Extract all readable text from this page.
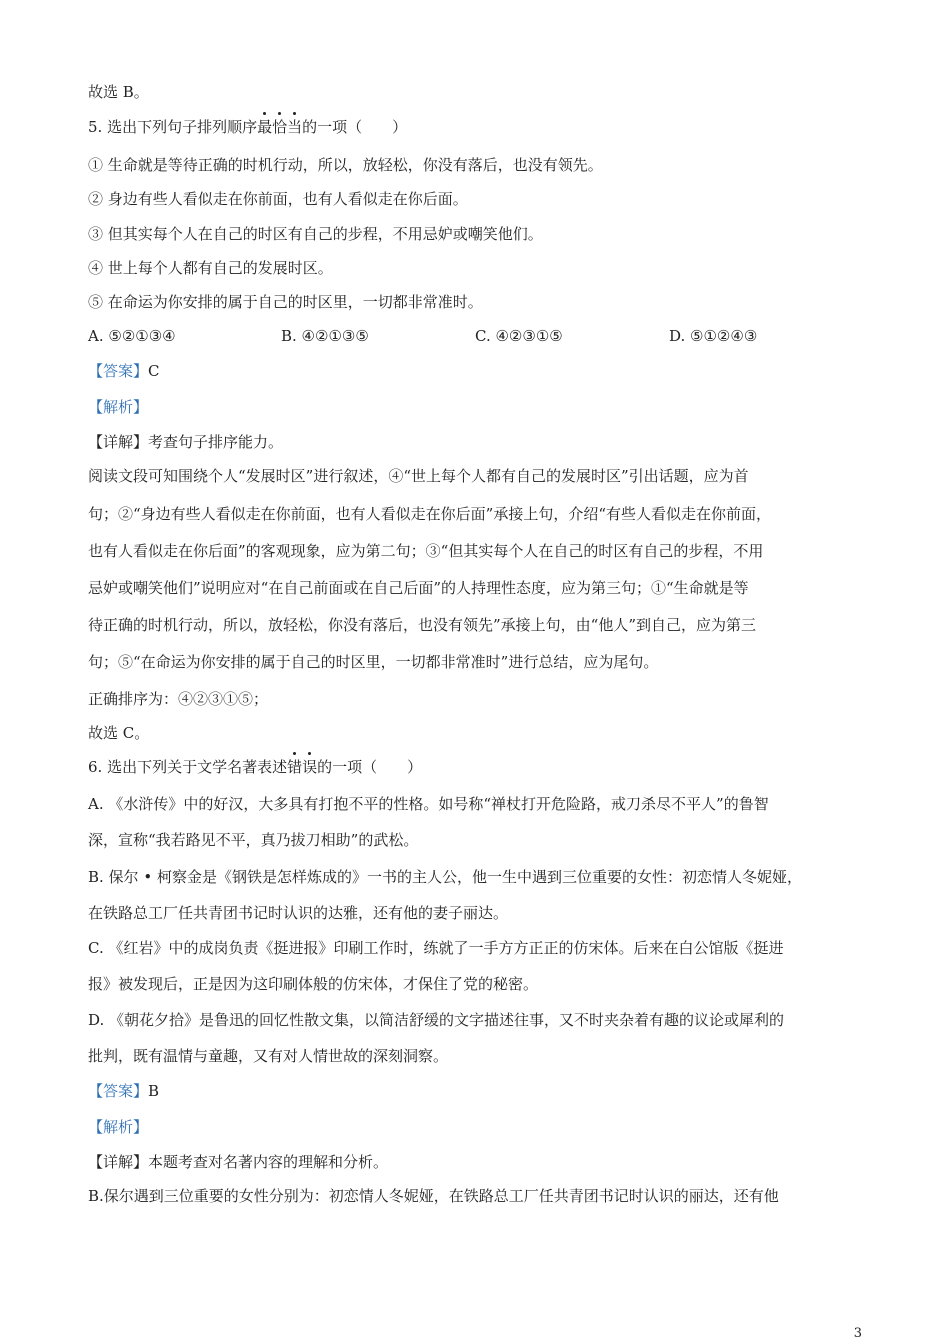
故选 B。
5. 选出下列句子排列顺序最恰当的一项（　　）
① 生命就是等待正确的时机行动，所以，放轻松，你没有落后，也没有领先。
② 身边有些人看似走在你前面，也有人看似走在你后面。
③ 但其实每个人在自己的时区有自己的步程，不用忌妒或嘲笑他们。
④ 世上每个人都有自己的发展时区。
⑤ 在命运为你安排的属于自己的时区里，一切都非常准时。
A. ⑤②①③④	B. ④②①③⑤	C. ④②③①⑤	D. ⑤①②④③
【答案】C
【解析】
【详解】考查句子排序能力。
阅读文段可知围绕个人“发展时区”进行叙述，④“世上每个人都有自己的发展时区”引出话题，应为首
句；②“身边有些人看似走在你前面，也有人看似走在你后面”承接上句，介绍“有些人看似走在你前面，
也有人看似走在你后面”的客观现象，应为第二句；③“但其实每个人在自己的时区有自己的步程，不用
忌妒或嘲笑他们”说明应对“在自己前面或在自己后面”的人持理性态度，应为第三句；①“生命就是等
待正确的时机行动，所以，放轻松，你没有落后，也没有领先”承接上句，由“他人”到自己，应为第三
句；⑤“在命运为你安排的属于自己的时区里，一切都非常准时”进行总结，应为尾句。
正确排序为：④②③①⑤；
故选 C。
6. 选出下列关于文学名著表述错误的一项（　　）
A. 《水浒传》中的好汉，大多具有打抱不平的性格。如号称“禅杖打开危险路，戒刀杀尽不平人”的鲁智
深，宣称“我若路见不平，真乃拔刀相助”的武松。
B. 保尔 • 柯察金是《钢铁是怎样炼成的》一书的主人公，他一生中遇到三位重要的女性：初恋情人冬妮娅，
在铁路总工厂任共青团书记时认识的达雅，还有他的妻子丽达。
C. 《红岩》中的成岗负责《挺进报》印刷工作时，练就了一手方方正正的仿宋体。后来在白公馆版《挺进
报》被发现后，正是因为这印刷体般的仿宋体，才保住了党的秘密。
D. 《朝花夕拾》是鲁迅的回忆性散文集，以简洁舒缓的文字描述往事，又不时夹杂着有趣的议论或犀利的
批判，既有温情与童趣，又有对人情世故的深刻洞察。
【答案】B
【解析】
【详解】本题考查对名著内容的理解和分析。
B.保尔遇到三位重要的女性分别为：初恋情人冬妮娅，在铁路总工厂任共青团书记时认识的丽达，还有他
3
